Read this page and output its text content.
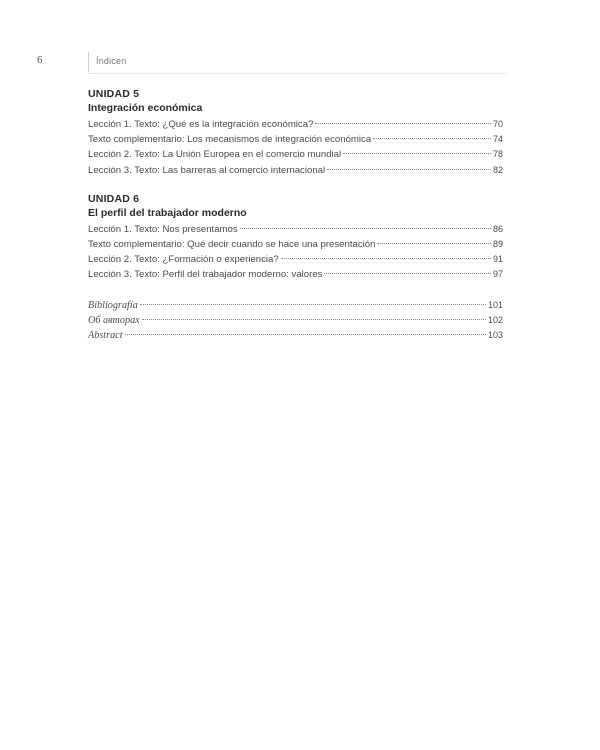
6	Índicen
UNIDAD 5
Integración económica
Lección 1. Texto: ¿Qué es la integración económica?	70
Texto complementario: Los mecanismos de integración económica	74
Lección 2. Texto: La Unión Europea en el comercio mundial	78
Lección 3. Texto: Las barreras al comercio internacional	82
UNIDAD 6
El perfil del trabajador moderno
Lección 1. Texto: Nos presentamos	86
Texto complementario: Qué decir cuando se hace una presentación	89
Lección 2. Texto: ¿Formación o experiencia?	91
Lección 3. Texto: Perfil del trabajador moderno: valores	97
Bibliografía	101
Об авторах	102
Abstract	103
